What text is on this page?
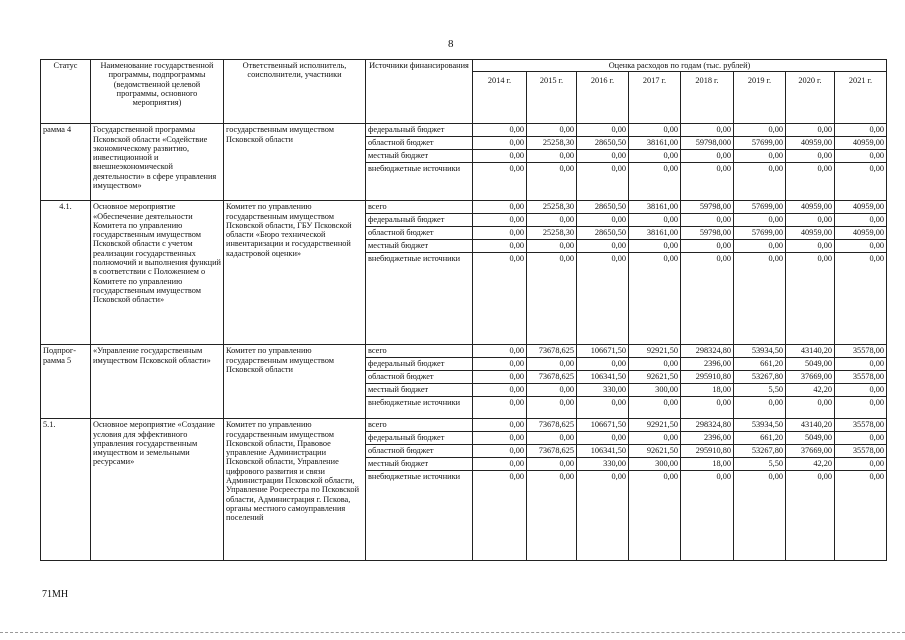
8
Статус	Наименование государственной программы, подпрограммы (ведомственной целевой программы, основного мероприятия)	Ответственный исполнитель, соисполнители, участники	Источники финансирования	Оценка расходов по годам (тыс. рублей)							
				2014 г.	2015 г.	2016 г.	2017 г.	2018 г.	2019 г.	2020 г.	2021 г.
рамма 4	Государственной программы Псковской области «Содействие экономическому развитию, инвестиционной и внешнеэкономической деятельности» в сфере управления имуществом»	государственным имуществом Псковской области	федеральный бюджет	0,00	0,00	0,00	0,00	0,00	0,00	0,00	0,00
			областной бюджет	0,00	25258,30	28650,50	38161,00	59798,000	57699,00	40959,00	40959,00
			местный бюджет	0,00	0,00	0,00	0,00	0,00	0,00	0,00	0,00
			внебюджетные источники	0,00	0,00	0,00	0,00	0,00	0,00	0,00	0,00
4.1.	Основное мероприятие «Обеспечение деятельности Комитета по управлению государственным имуществом Псковской области с учетом реализации государственных полномочий и выполнения функций в соответствии с Положением о Комитете по управлению государственным имуществом Псковской области»	Комитет по управлению государственным имуществом Псковской области, ГБУ Псковской области «Бюро технической инвентаризации и государственной кадастровой оценки»	всего	0,00	25258,30	28650,50	38161,00	59798,00	57699,00	40959,00	40959,00
			федеральный бюджет	0,00	0,00	0,00	0,00	0,00	0,00	0,00	0,00
			областной бюджет	0,00	25258,30	28650,50	38161,00	59798,00	57699,00	40959,00	40959,00
			местный бюджет	0,00	0,00	0,00	0,00	0,00	0,00	0,00	0,00
			внебюджетные источники	0,00	0,00	0,00	0,00	0,00	0,00	0,00	0,00
Подпрог-рамма 5	«Управление государственным имуществом Псковской области»	Комитет по управлению государственным имуществом Псковской области	всего	0,00	73678,625	106671,50	92921,50	298324,80	53934,50	43140,20	35578,00
			федеральный бюджет	0,00	0,00	0,00	0,00	2396,00	661,20	5049,00	0,00
			областной бюджет	0,00	73678,625	106341,50	92621,50	295910,80	53267,80	37669,00	35578,00
			местный бюджет	0,00	0,00	330,00	300,00	18,00	5,50	42,20	0,00
			внебюджетные источники	0,00	0,00	0,00	0,00	0,00	0,00	0,00	0,00
5.1.	Основное мероприятие «Создание условия для эффективного управления государственным имуществом и земельными ресурсами»	Комитет по управлению государственным имуществом Псковской области, Правовое управление Администрации Псковской области, Управление цифрового развития и связи Администрации Псковской области, Управление Росреестра по Псковской области, Администрация г. Пскова, органы местного самоуправления поселений	всего	0,00	73678,625	106671,50	92921,50	298324,80	53934,50	43140,20	35578,00
			федеральный бюджет	0,00	0,00	0,00	0,00	2396,00	661,20	5049,00	0,00
			областной бюджет	0,00	73678,625	106341,50	92621,50	295910,80	53267,80	37669,00	35578,00
			местный бюджет	0,00	0,00	330,00	300,00	18,00	5,50	42,20	0,00
			внебюджетные источники	0,00	0,00	0,00	0,00	0,00	0,00	0,00	0,00
71МН
